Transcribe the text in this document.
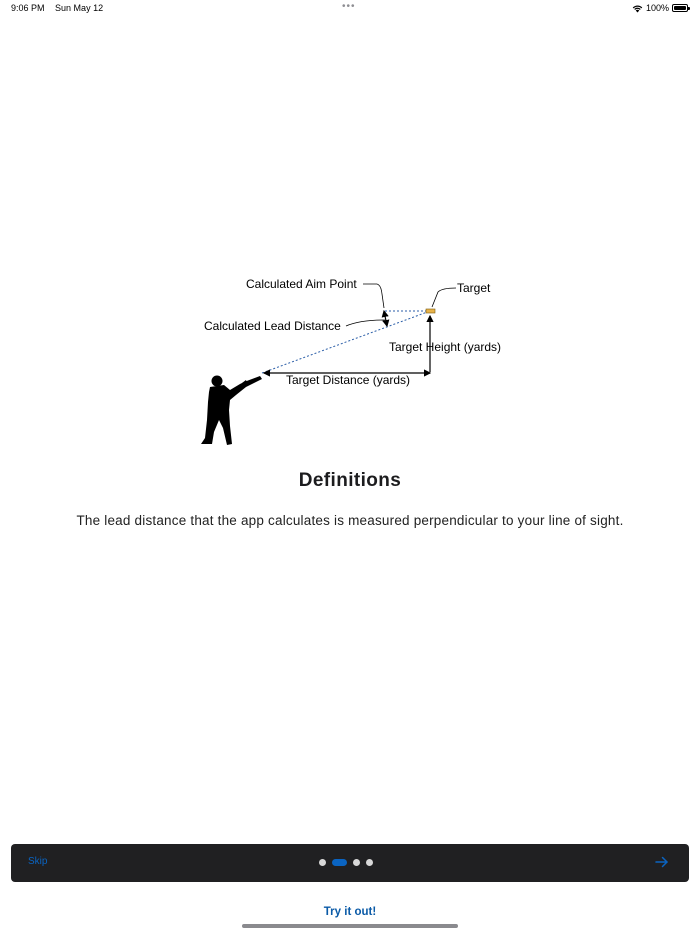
9:06 PM Sun May 12	•••	100%
Calculated Aim Point	Target
Calculated Lead Distance
Target Height (yards)
Target Distance (yards)
Definitions
The lead distance that the app calculates is measured perpendicular to your line of sight.
Skip
Try it out!
